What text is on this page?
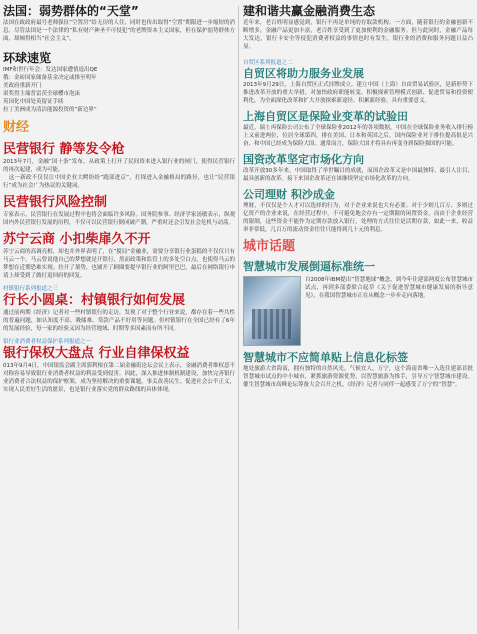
法国：弱势群体的“天堂”
法国在政政府最号老师强征”空置房”给无房的人住，同时也传出取得”空置”期限进一步缩短的消息。尽管法国是一个法律的”私有财产神圣不可侵犯”的老牌资本主义国家，但在保护弱势群体方面，却倾得相当”社会主义”。
环球速览
IMF和世行年会：发达国家遭情退出QE
俄：金砖国家储备基金决定或推至明年
美政府重新开门
诺奖得主瑞普雷茨全球樱市泡沫
英国化中国处英留证手续
拉丁美洲成为清洁能源投资的”新边界”
财经
民营银行 静等发令枪
2013年7月，金融”国十条”发布，从政策上打开了民间资本进入银行业的闸门，使得民营银行的再次起建，成为可能。
　这一新政不仅仅让中国企业大鳄纷纷”跑部进京”，打探进入金融格局的路径，也让”民营银行”成为社会广为热议的关键词。
民营银行风险控制
专家表示，民营银行在发展过程中也将会面临许多风险。国务院参事、经济学家汤敏表示，纵观国内外民营银行发展的历程，不仅可以民营银行倒闭破产潮，严重时还会引发社会危机与动荡。
苏宁云商 小扣柴扉久不开
苏宁云商的高调亮相，却也并外界表明了，在”搅局”金融业，需要分享银行业蛋糕的不仅仅只有马云一个。马云曾说他自己的梦想就是开银行，然而政策和监管上的多处空白点，也使得马云的梦想在近期恐难实现。拉开了架势，也铺开了顾圈要提早银行业的阿里巴巴，最后在网络银行申请上却受到了做打退回府的回复。
村镇银行系列报道之三
行长小圆桌：村镇银行如何发展
通过前两期《经济》记者对一些村镇银行的走访，发现了对于整个行业来说，都存在着一些共性的普遍问题，如认知度不高、吸储难、贷款产品不好用等问题。但村镇银行在全国已经有了6年的发展经验，每一家的经验又因为经营地域、时期等多因素而有所不同。
银行业消费者权益保护系列报道之一
银行保权大盘点 行业自律保权益
013年9月4日，中国银监会副主席郭利根在第二届金融街论坛会议上表示，金融消费者维权意不对称容易导致银行业消费者权益的利益受到侵害。因此，深入推进体制机制建设，加快完善银行业消费者合法权益的保护框架，成为坚持解决的重要课题，事关改善民生、促进社会公平正义，实现人民美好生活的愿景，也是银行业落实党的群众路线的具体体现。
建和谐共赢金融消费生态
近年来，老百姓明显感觉到，银行不再是单纯的存取款机构。一方面，随着银行的金融创新不断增多，金融产品更加丰富，老百姓享受到了更加便利的金融服务。但与此同时，金融产品每大发达，银行卡安全等侵犯消费者权益的事情也时有发生，银行业的消费和服务问题日益凸显。
自贸区系列报道之二
自贸区将助力服务业发展
2013年9月29日，上海自贸区正式挂牌成立。建立中国（上海）自由贸易试验区，是新形势下推进改革开放的重大举措，对加快政府职能转变、积极探索管理模式创新、促进贸易和投资便利化，为全面深化改革和扩大开放探索新途径、积累新经验，具有重要意义。
上海自贸区是保险业变革的试验田
最近，瑞士再保险公司公布了全球保险业2012年的各项数据，中国在全球保险业务收入排行榜上又前进两位，位居全球第四，排在美国、日本和英国之后。国内保险业对于排位提高很是兴奋，和中国已经成为保险大国。通常而言，保险大国才将具有再变身到保险强国的可能。
国资改革坚定市场化方向
改革开放30多年来，中国取得了举世瞩目的成就，而国企改革又是中国最独特、最引人注目、最具创新的改革。接下来国企改革还在该继续坚定市场化改革的方向。
公司理财 积沙成金
理财，不仅仅是个人才可以选择的行为，对于企业来说也大有必要。对于少则几百万、多则过亿资产的企业来说，在经营过程中，不可避免地会存有一定期限的闲置资金，而由于企业经营的限制，这些资金不能作为定期存款放入银行，处理的方式往往是活期存款，如此一来，收益率非常低，几百万的流动资金往往只能得到几十元的利息。
城市话题
智慧城市发展倒逼标准统一
自2008年IBM提出”智慧地球”概念，到今年住建部两度公布智慧城市试点，再到多部委联合起草《关于促进智慧城市健康发展的指导意见》，在我国智慧城市正在从概念一步步走向落地。
智慧城市不应简单贴上信息化标签
地处旅游大省海南，拥有独特的自然风光，气候宜人，万宁，这个海南省唯一入选住建部首批智慧城市试点的中小城市，紧抓旅游资源优势，以智慧旅游为推手，引导万宁智慧城市建设。催生智慧城市高峰论坛筹备大会召开之机，《经济》记者与同伴一起感受了万宁的”智慧”。
